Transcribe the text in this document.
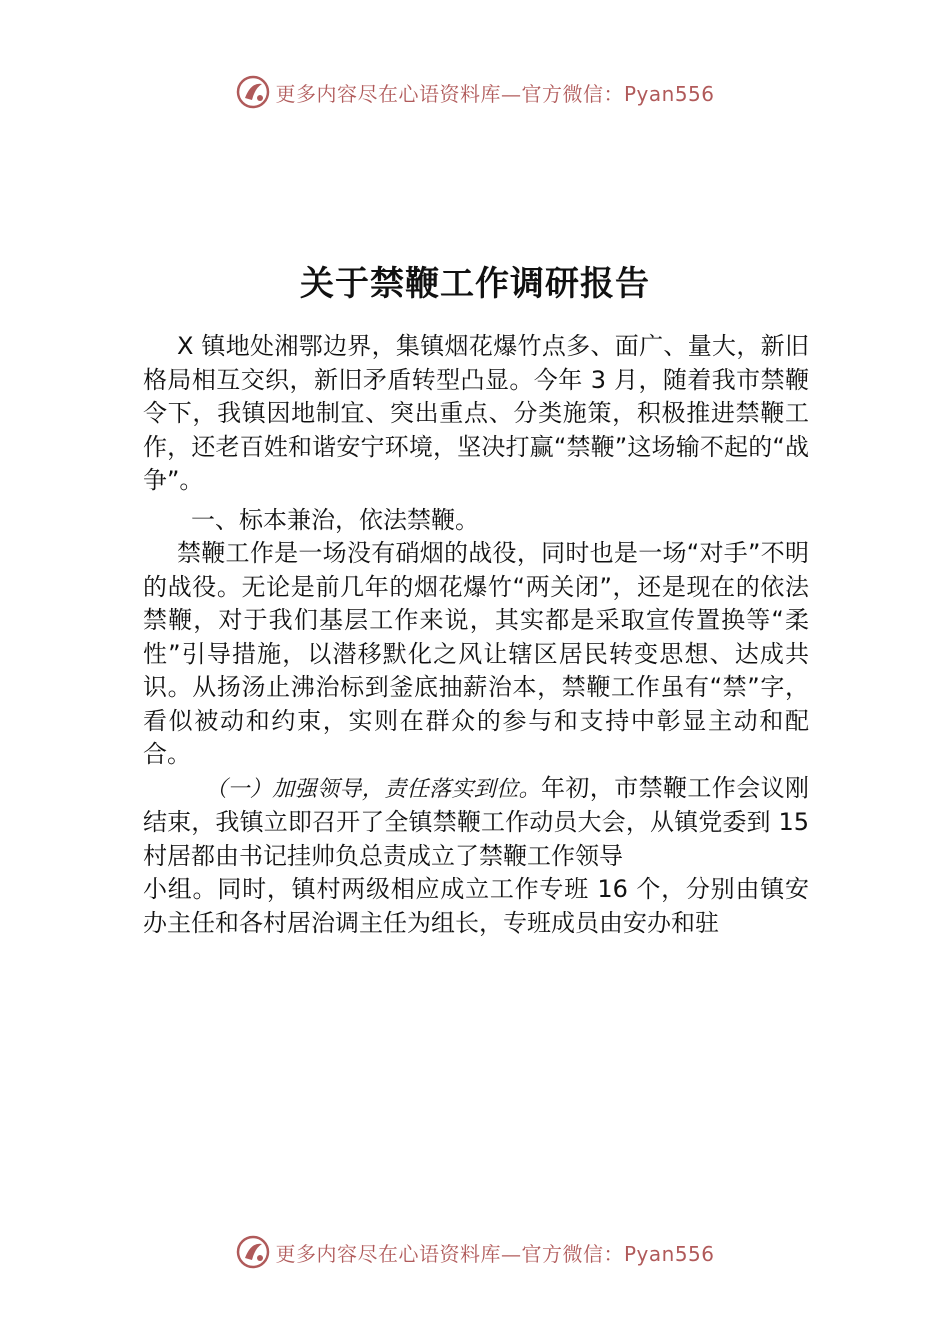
更多内容尽在心语资料库—官方微信：Pyan556
关于禁鞭工作调研报告

X 镇地处湘鄂边界，集镇烟花爆竹点多、面广、量大，新旧格局相互交织，新旧矛盾转型凸显。今年 3 月，随着我市禁鞭令下，我镇因地制宜、突出重点、分类施策，积极推进禁鞭工作，还老百姓和谐安宁环境，坚决打赢“禁鞭”这场输不起的“战争”。

一、标本兼治，依法禁鞭。

禁鞭工作是一场没有硝烟的战役，同时也是一场“对手”不明的战役。无论是前几年的烟花爆竹“两关闭”，还是现在的依法禁鞭，对于我们基层工作来说，其实都是采取宣传置换等“柔性”引导措施，以潜移默化之风让辖区居民转变思想、达成共识。从扬汤止沸治标到釜底抽薪治本，禁鞭工作虽有“禁”字，看似被动和约束，实则在群众的参与和支持中彰显主动和配合。

（一）加强领导，责任落实到位。年初，市禁鞭工作会议刚结束，我镇立即召开了全镇禁鞭工作动员大会，从镇党委到 15 村居都由书记挂帅负总责成立了禁鞭工作领导

小组。同时，镇村两级相应成立工作专班 16 个，分别由镇安办主任和各村居治调主任为组长，专班成员由安办和驻

更多内容尽在心语资料库—官方微信：Pyan556
